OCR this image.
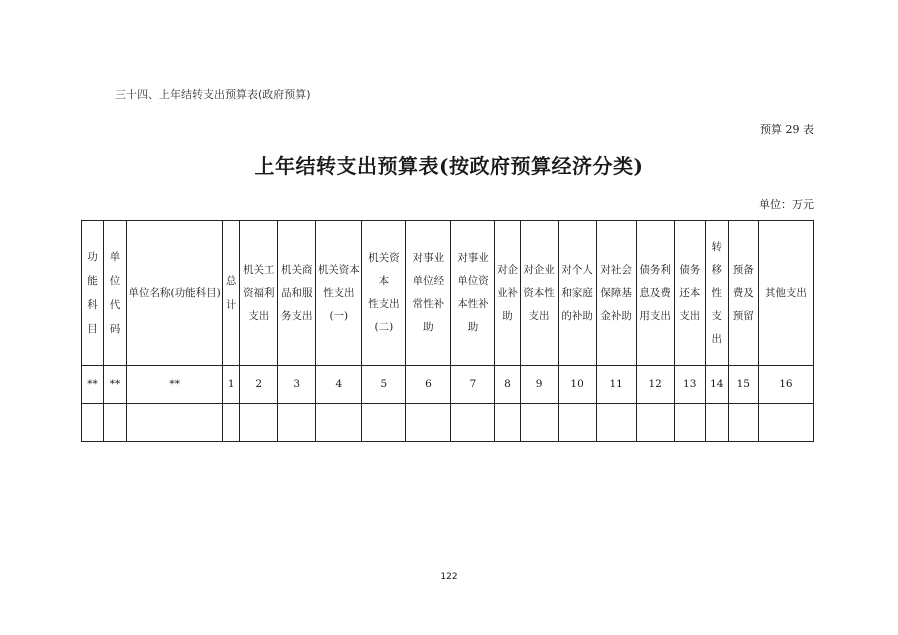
三十四、上年结转支出预算表(政府预算)
预算 29 表
上年结转支出预算表(按政府预算经济分类)
单位：万元
功
能
科
目	单
位
代
码	单位名称(功能科目)	总
计	机关工
资福利
支出	机关商
品和服
务支出	机关资本
性支出
(一)	机关资本
性支出
(二)	对事业
单位经
常性补
助	对事业
单位资
本性补
助	对企
业补
助	对企业
资本性
支出	对个人
和家庭
的补助	对社会
保障基
金补助	债务利
息及费
用支出	债务
还本
支出	转移
性支
出	预备
费及
预留	其他支出
**	**	**	1	2	3	4	5	6	7	8	9	10	11	12	13	14	15	16

122
